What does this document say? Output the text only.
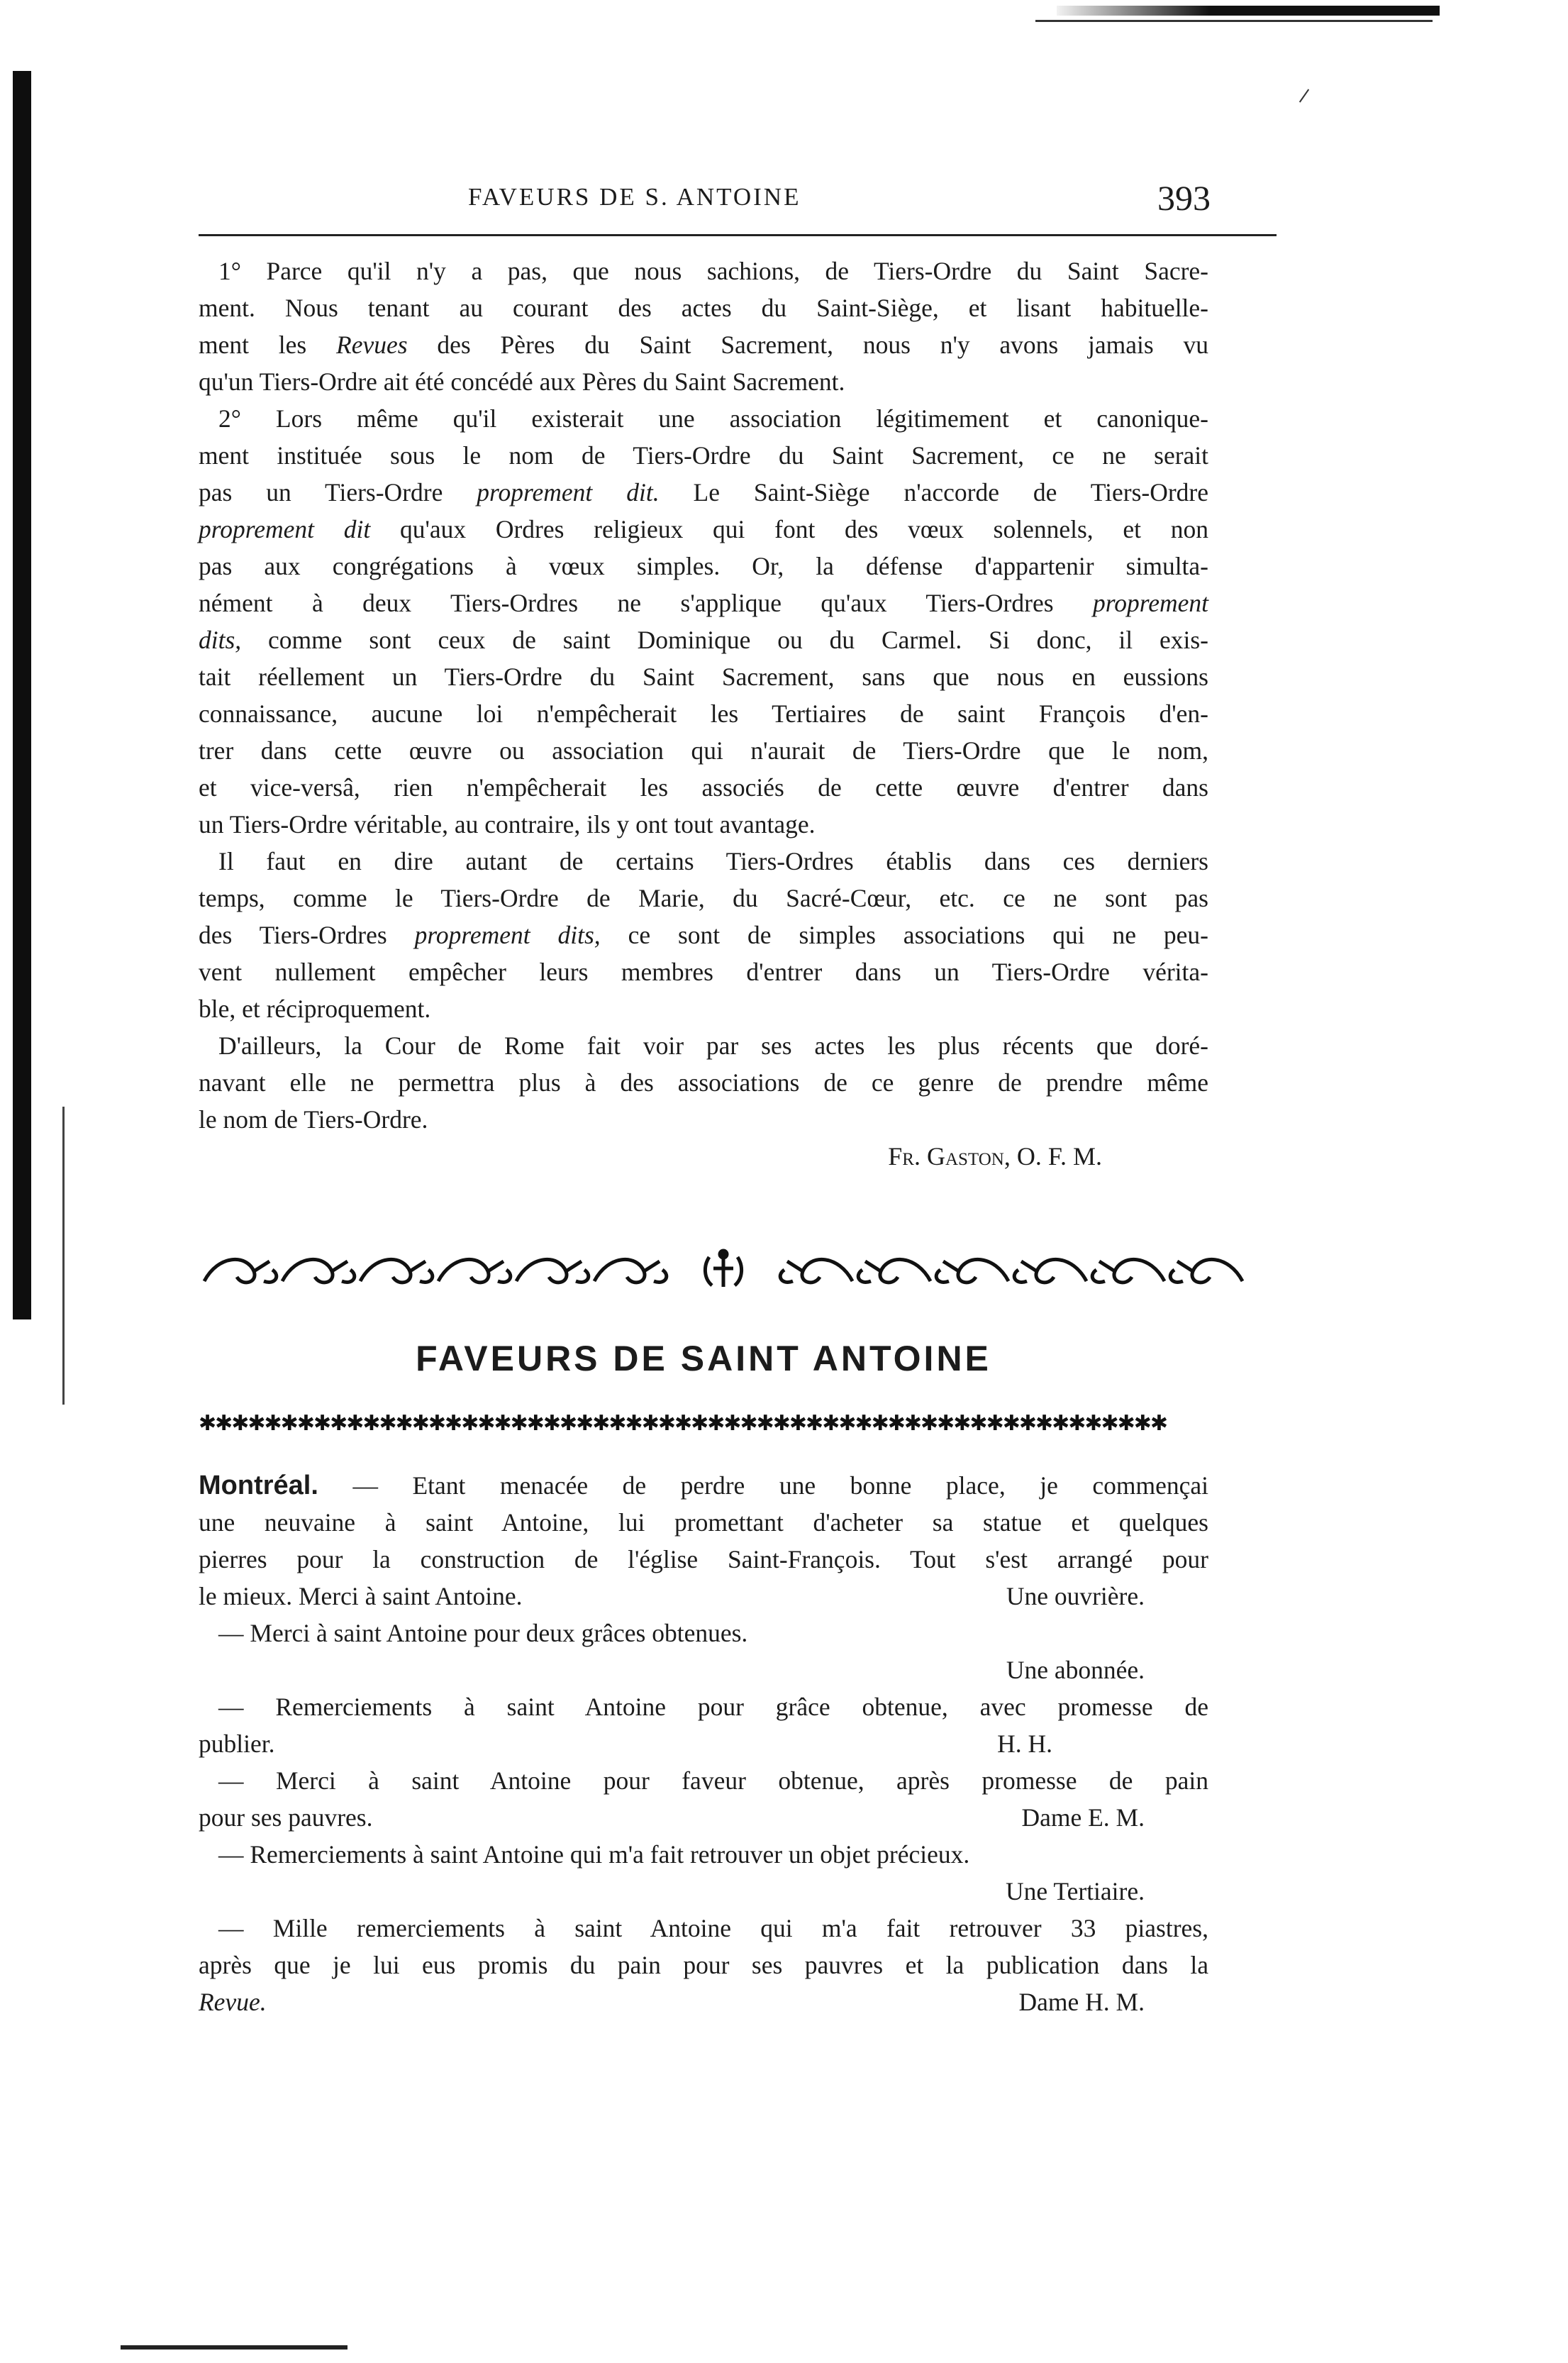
FAVEURS DE S. ANTOINE	393
1° Parce qu'il n'y a pas, que nous sachions, de Tiers-Ordre du Saint Sacre-
ment. Nous tenant au courant des actes du Saint-Siège, et lisant habituelle-
ment les Revues des Pères du Saint Sacrement, nous n'y avons jamais vu
qu'un Tiers-Ordre ait été concédé aux Pères du Saint Sacrement.
2° Lors même qu'il existerait une association légitimement et canonique-
ment instituée sous le nom de Tiers-Ordre du Saint Sacrement, ce ne serait
pas un Tiers-Ordre proprement dit. Le Saint-Siège n'accorde de Tiers-Ordre
proprement dit qu'aux Ordres religieux qui font des vœux solennels, et non
pas aux congrégations à vœux simples. Or, la défense d'appartenir simulta-
nément à deux Tiers-Ordres ne s'applique qu'aux Tiers-Ordres proprement
dits, comme sont ceux de saint Dominique ou du Carmel. Si donc, il exis-
tait réellement un Tiers-Ordre du Saint Sacrement, sans que nous en eussions
connaissance, aucune loi n'empêcherait les Tertiaires de saint François d'en-
trer dans cette œuvre ou association qui n'aurait de Tiers-Ordre que le nom,
et vice-versâ, rien n'empêcherait les associés de cette œuvre d'entrer dans
un Tiers-Ordre véritable, au contraire, ils y ont tout avantage.
Il faut en dire autant de certains Tiers-Ordres établis dans ces derniers
temps, comme le Tiers-Ordre de Marie, du Sacré-Cœur, etc. ce ne sont pas
des Tiers-Ordres proprement dits, ce sont de simples associations qui ne peu-
vent nullement empêcher leurs membres d'entrer dans un Tiers-Ordre vérita-
ble, et réciproquement.
D'ailleurs, la Cour de Rome fait voir par ses actes les plus récents que doré-
navant elle ne permettra plus à des associations de ce genre de prendre même
le nom de Tiers-Ordre.
Fr. Gaston, O. F. M.
FAVEURS DE SAINT ANTOINE
✱✱✱✱✱✱✱✱✱✱✱✱✱✱✱✱✱✱✱✱✱✱✱✱✱✱✱✱✱✱✱✱✱✱✱✱✱✱✱✱✱✱✱✱✱✱✱✱✱✱✱✱✱✱✱✱✱✱✱
Montréal. — Etant menacée de perdre une bonne place, je commençai
une neuvaine à saint Antoine, lui promettant d'acheter sa statue et quelques
pierres pour la construction de l'église Saint-François. Tout s'est arrangé pour
le mieux. Merci à saint Antoine.	Une ouvrière.
— Merci à saint Antoine pour deux grâces obtenues.
Une abonnée.
— Remerciements à saint Antoine pour grâce obtenue, avec promesse de
publier.	H. H.
— Merci à saint Antoine pour faveur obtenue, après promesse de pain
pour ses pauvres.	Dame E. M.
— Remerciements à saint Antoine qui m'a fait retrouver un objet précieux.
Une Tertiaire.
— Mille remerciements à saint Antoine qui m'a fait retrouver 33 piastres,
après que je lui eus promis du pain pour ses pauvres et la publication dans la
Revue.	Dame H. M.
